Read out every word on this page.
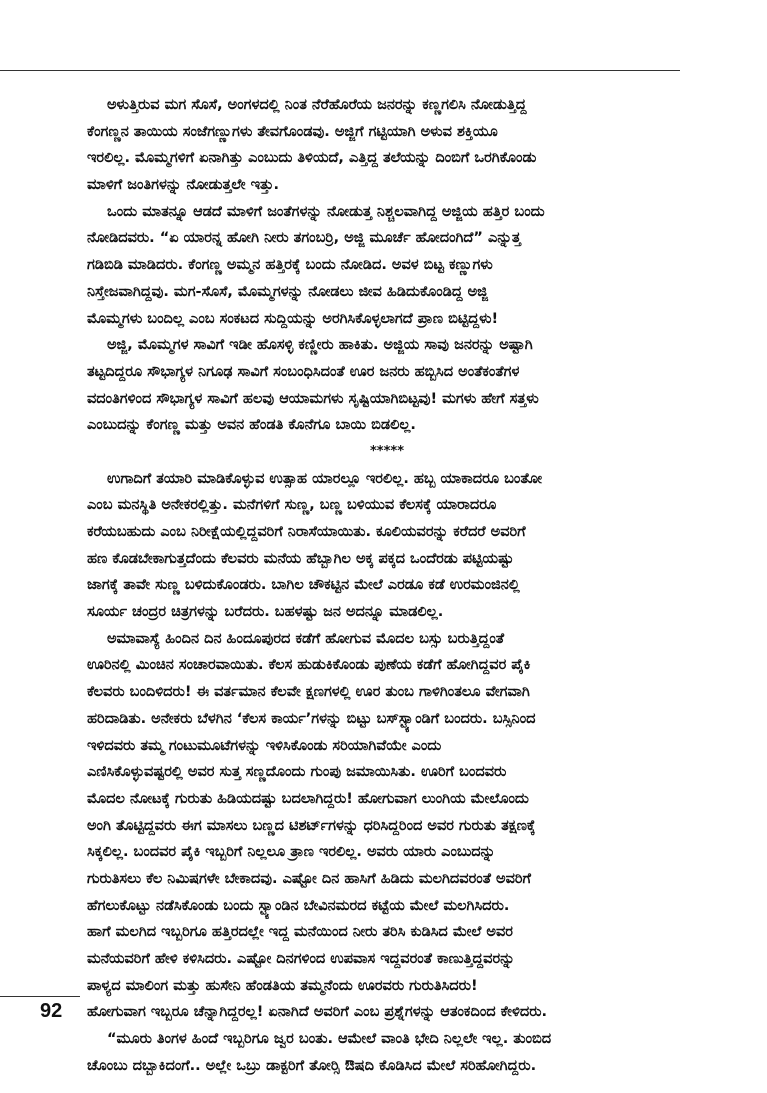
ಅಳುತ್ತಿರುವ ಮಗ ಸೊಸೆ, ಅಂಗಳದಲ್ಲಿ ನಿಂತ ನೆರೆಹೊರೆಯ ಜನರನ್ನು ಕಣ್ಣಗಲಿಸಿ ನೋಡುತ್ತಿದ್ದ
ಕೆಂಗಣ್ಣನ ತಾಯಿಯ ಸಂಜೆಗಣ್ಣುಗಳು ತೇವಗೊಂಡವು. ಅಜ್ಜಿಗೆ ಗಟ್ಟಿಯಾಗಿ ಅಳುವ ಶಕ್ತಿಯೂ
ಇರಲಿಲ್ಲ. ಮೊಮ್ಮಗಳಿಗೆ ಏನಾಗಿತ್ತು ಎಂಬುದು ತಿಳಿಯದೆ, ಎತ್ತಿದ್ದ ತಲೆಯನ್ನು ದಿಂಬಿಗೆ ಒರಗಿಕೊಂಡು
ಮಾಳಿಗೆ ಜಂತಿಗಳನ್ನು ನೋಡುತ್ತಲೇ ಇತ್ತು.
ಒಂದು ಮಾತನ್ನೂ ಆಡದೆ ಮಾಳಿಗೆ ಜಂತೆಗಳನ್ನು ನೋಡುತ್ತ ನಿಶ್ಚಲವಾಗಿದ್ದ ಅಜ್ಜಿಯ ಹತ್ತಿರ ಬಂದು
ನೋಡಿದವರು. “ಏ ಯಾರನ್ನ ಹೋಗಿ ನೀರು ತಗಂಬರ್ರಿ, ಅಜ್ಜಿ ಮೂರ್ಚೆ ಹೋದಂಗಿದೆ” ಎನ್ನುತ್ತ
ಗಡಿಬಿಡಿ ಮಾಡಿದರು. ಕೆಂಗಣ್ಣ ಅಮ್ಮನ ಹತ್ತಿರಕ್ಕೆ ಬಂದು ನೋಡಿದ. ಅವಳ ಬಿಟ್ಟ ಕಣ್ಣುಗಳು
ನಿಸ್ತೇಜವಾಗಿದ್ದವು. ಮಗ-ಸೊಸೆ, ಮೊಮ್ಮಗಳನ್ನು ನೋಡಲು ಜೀವ ಹಿಡಿದುಕೊಂಡಿದ್ದ ಅಜ್ಜಿ
ಮೊಮ್ಮಗಳು ಬಂದಿಲ್ಲ ಎಂಬ ಸಂಕಟದ ಸುದ್ದಿಯನ್ನು ಅರಗಿಸಿಕೊಳ್ಳಲಾಗದೆ ಪ್ರಾಣ ಬಿಟ್ಟಿದ್ದಳು!
ಅಜ್ಜಿ, ಮೊಮ್ಮಗಳ ಸಾವಿಗೆ ಇಡೀ ಹೊಸಳ್ಳಿ ಕಣ್ಣೀರು ಹಾಕಿತು. ಅಜ್ಜಿಯ ಸಾವು ಜನರನ್ನು ಅಷ್ಟಾಗಿ
ತಟ್ಟದಿದ್ದರೂ ಸೌಭಾಗ್ಯಳ ನಿಗೂಢ ಸಾವಿಗೆ ಸಂಬಂಧಿಸಿದಂತೆ ಊರ ಜನರು ಹಬ್ಬಿಸಿದ ಅಂತೆಕಂತೆಗಳ
ವದಂತಿಗಳಿಂದ ಸೌಭಾಗ್ಯಳ ಸಾವಿಗೆ ಹಲವು ಆಯಾಮಗಳು ಸೃಷ್ಟಿಯಾಗಿಬಿಟ್ಟವು! ಮಗಳು ಹೇಗೆ ಸತ್ತಳು
ಎಂಬುದನ್ನು ಕೆಂಗಣ್ಣ ಮತ್ತು ಅವನ ಹೆಂಡತಿ ಕೊನೆಗೂ ಬಾಯಿ ಬಿಡಲಿಲ್ಲ.
*****
ಉಗಾದಿಗೆ ತಯಾರಿ ಮಾಡಿಕೊಳ್ಳುವ ಉತ್ಸಾಹ ಯಾರಲ್ಲೂ ಇರಲಿಲ್ಲ. ಹಬ್ಬ ಯಾಕಾದರೂ ಬಂತೋ
ಎಂಬ ಮನಸ್ಥಿತಿ ಅನೇಕರಲ್ಲಿತ್ತು. ಮನೆಗಳಿಗೆ ಸುಣ್ಣ, ಬಣ್ಣ ಬಳಿಯುವ ಕೆಲಸಕ್ಕೆ ಯಾರಾದರೂ
ಕರೆಯಬಹುದು ಎಂಬ ನಿರೀಕ್ಷೆಯಲ್ಲಿದ್ದವರಿಗೆ ನಿರಾಸೆಯಾಯಿತು. ಕೂಲಿಯವರನ್ನು ಕರೆದರೆ ಅವರಿಗೆ
ಹಣ ಕೊಡಬೇಕಾಗುತ್ತದೆಂದು ಕೆಲವರು ಮನೆಯ ಹೆಬ್ಬಾಗಿಲ ಅಕ್ಕ ಪಕ್ಕದ ಒಂದೆರಡು ಪಟ್ಟಿಯಷ್ಟು
ಜಾಗಕ್ಕೆ ತಾವೇ ಸುಣ್ಣ ಬಳಿದುಕೊಂಡರು. ಬಾಗಿಲ ಚೌಕಟ್ಟಿನ ಮೇಲೆ ಎರಡೂ ಕಡೆ ಉರಮಂಜಿನಲ್ಲಿ
ಸೂರ್ಯ ಚಂದ್ರರ ಚಿತ್ರಗಳನ್ನು ಬರೆದರು. ಬಹಳಷ್ಟು ಜನ ಅದನ್ನೂ ಮಾಡಲಿಲ್ಲ.
ಅಮಾವಾಸ್ಯೆ ಹಿಂದಿನ ದಿನ ಹಿಂದೂಪುರದ ಕಡೆಗೆ ಹೋಗುವ ಮೊದಲ ಬಸ್ಸು ಬರುತ್ತಿದ್ದಂತೆ
ಊರಿನಲ್ಲಿ ಮಿಂಚಿನ ಸಂಚಾರವಾಯಿತು. ಕೆಲಸ ಹುಡುಕಿಕೊಂಡು ಪುಣೆಯ ಕಡೆಗೆ ಹೋಗಿದ್ದವರ ಪೈಕಿ
ಕೆಲವರು ಬಂದಿಳಿದರು! ಈ ವರ್ತಮಾನ ಕೆಲವೇ ಕ್ಷಣಗಳಲ್ಲಿ ಊರ ತುಂಬ ಗಾಳಿಗಿಂತಲೂ ವೇಗವಾಗಿ
ಹರಿದಾಡಿತು. ಅನೇಕರು ಬೆಳಗಿನ ‘ಕೆಲಸ ಕಾರ್ಯ’ಗಳನ್ನು ಬಿಟ್ಟು ಬಸ್‌ಸ್ಟ್ಯಾಂಡಿಗೆ ಬಂದರು. ಬಸ್ಸಿನಿಂದ
ಇಳಿದವರು ತಮ್ಮ ಗಂಟುಮೂಟೆಗಳನ್ನು ಇಳಿಸಿಕೊಂಡು ಸರಿಯಾಗಿವೆಯೇ ಎಂದು
ಎಣಿಸಿಕೊಳ್ಳುವಷ್ಟರಲ್ಲಿ ಅವರ ಸುತ್ತ ಸಣ್ಣದೊಂದು ಗುಂಪು ಜಮಾಯಿಸಿತು. ಊರಿಗೆ ಬಂದವರು
ಮೊದಲ ನೋಟಕ್ಕೆ ಗುರುತು ಹಿಡಿಯದಷ್ಟು ಬದಲಾಗಿದ್ದರು! ಹೋಗುವಾಗ ಲುಂಗಿಯ ಮೇಲೊಂದು
ಅಂಗಿ ತೊಟ್ಟಿದ್ದವರು ಈಗ ಮಾಸಲು ಬಣ್ಣದ ಟಿಶರ್ಟ್‌ಗಳನ್ನು ಧರಿಸಿದ್ದರಿಂದ ಅವರ ಗುರುತು ತಕ್ಷಣಕ್ಕೆ
ಸಿಕ್ಕಲಿಲ್ಲ. ಬಂದವರ ಪೈಕಿ ಇಬ್ಬರಿಗೆ ನಿಲ್ಲಲೂ ತ್ರಾಣ ಇರಲಿಲ್ಲ. ಅವರು ಯಾರು ಎಂಬುದನ್ನು
ಗುರುತಿಸಲು ಕೆಲ ನಿಮಿಷಗಳೇ ಬೇಕಾದವು. ಎಷ್ಟೋ ದಿನ ಹಾಸಿಗೆ ಹಿಡಿದು ಮಲಗಿದವರಂತೆ ಅವರಿಗೆ
ಹೆಗಲುಕೊಟ್ಟು ನಡೆಸಿಕೊಂಡು ಬಂದು ಸ್ಟ್ಯಾಂಡಿನ ಬೇವಿನಮರದ ಕಟ್ಟೆಯ ಮೇಲೆ ಮಲಗಿಸಿದರು.
ಹಾಗೆ ಮಲಗಿದ ಇಬ್ಬರಿಗೂ ಹತ್ತಿರದಲ್ಲೇ ಇದ್ದ ಮನೆಯಿಂದ ನೀರು ತರಿಸಿ ಕುಡಿಸಿದ ಮೇಲೆ ಅವರ
ಮನೆಯವರಿಗೆ ಹೇಳಿ ಕಳಿಸಿದರು. ಎಷ್ಟೋ ದಿನಗಳಿಂದ ಉಪವಾಸ ಇದ್ದವರಂತೆ ಕಾಣುತ್ತಿದ್ದವರನ್ನು
ಪಾಳ್ಯದ ಮಾಲಿಂಗ ಮತ್ತು ಹುಸೇನಿ ಹೆಂಡತಿಯ ತಮ್ಮನೆಂದು ಊರವರು ಗುರುತಿಸಿದರು!
ಹೋಗುವಾಗ ಇಬ್ಬರೂ ಚೆನ್ನಾಗಿದ್ದರಲ್ಲ! ಏನಾಗಿದೆ ಅವರಿಗೆ ಎಂಬ ಪ್ರಶ್ನೆಗಳನ್ನು ಆತಂಕದಿಂದ ಕೇಳಿದರು.
“ಮೂರು ತಿಂಗಳ ಹಿಂದೆ ಇಬ್ಬರಿಗೂ ಜ್ವರ ಬಂತು. ಆಮೇಲೆ ವಾಂತಿ ಭೇದಿ ನಿಲ್ಲಲೇ ಇಲ್ಲ. ತುಂಬಿದ
ಚೊಂಬು ದಬ್ಬಾಕಿದಂಗೆ.. ಅಲ್ಲೇ ಒಬ್ರು ಡಾಕ್ಟರಿಗೆ ತೋರ್‍ಸಿ ಔಷದಿ ಕೊಡಿಸಿದ ಮೇಲೆ ಸರಿಹೋಗಿದ್ದರು.
92
